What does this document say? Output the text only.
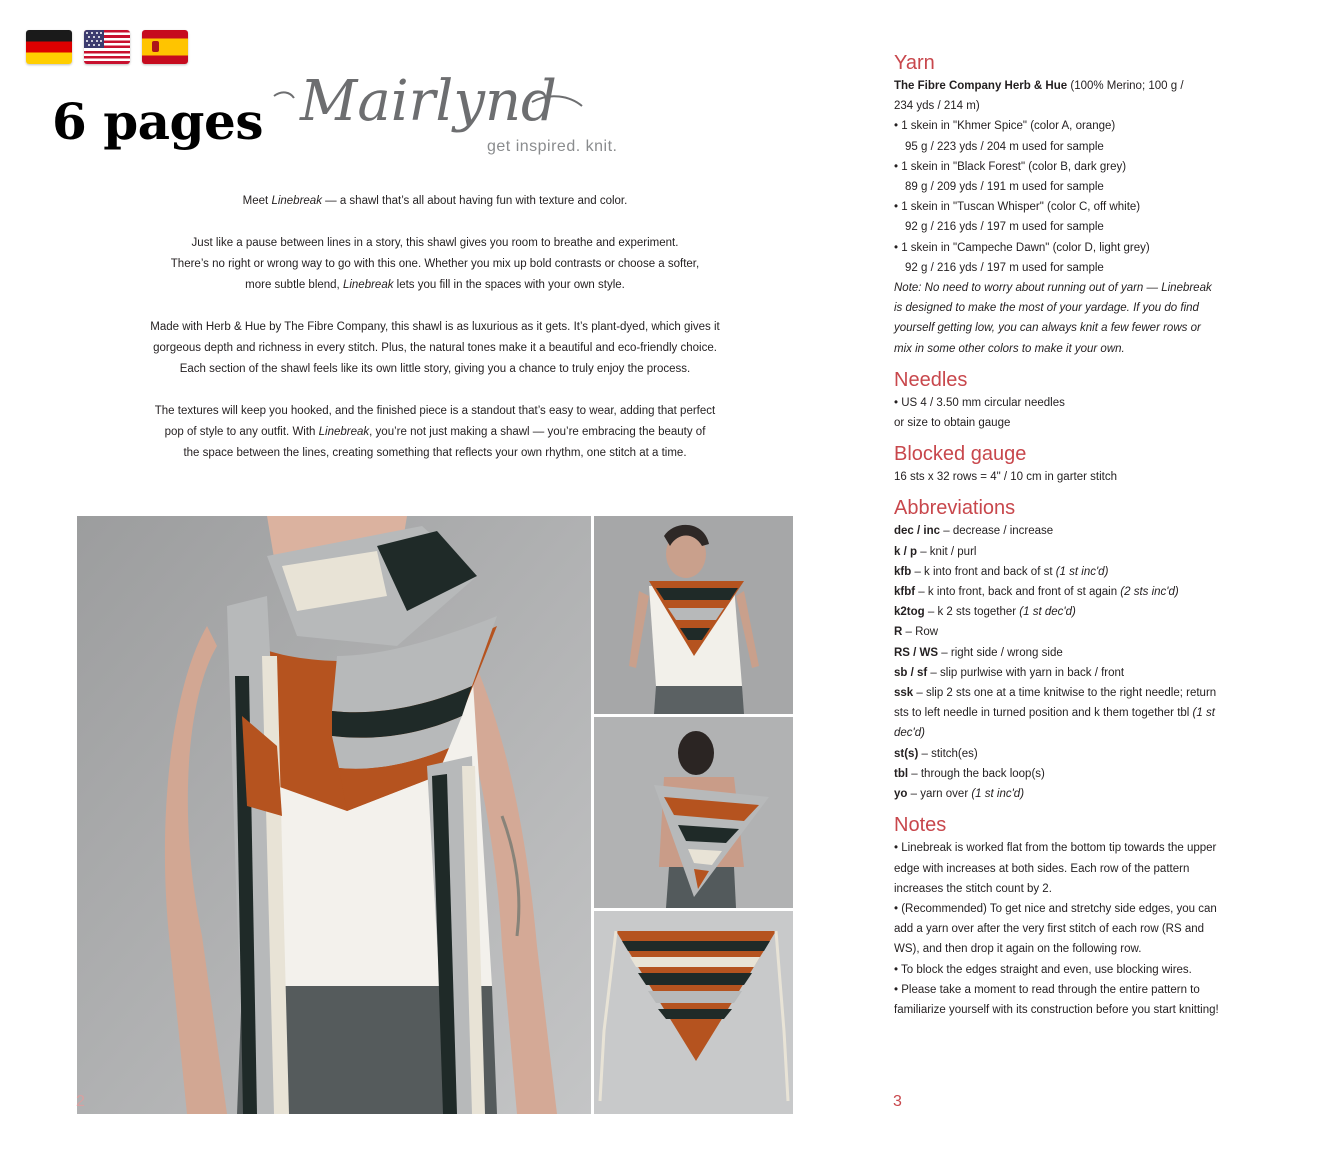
6 pages Mairlynd
get inspired. knit.

Meet Linebreak — a shawl that’s all about having fun with texture and color.

Just like a pause between lines in a story, this shawl gives you room to breathe and experiment.
There’s no right or wrong way to go with this one. Whether you mix up bold contrasts or choose a softer,
more subtle blend, Linebreak lets you fill in the spaces with your own style.

Made with Herb & Hue by The Fibre Company, this shawl is as luxurious as it gets. It’s plant-dyed, which gives it
gorgeous depth and richness in every stitch. Plus, the natural tones make it a beautiful and eco-friendly choice.
Each section of the shawl feels like its own little story, giving you a chance to truly enjoy the process.

The textures will keep you hooked, and the finished piece is a standout that’s easy to wear, adding that perfect
pop of style to any outfit. With Linebreak, you’re not just making a shawl — you’re embracing the beauty of
the space between the lines, creating something that reflects your own rhythm, one stitch at a time.

2	3
Yarn

The Fibre Company Herb & Hue (100% Merino; 100 g /

234 yds / 214 m)

• 1 skein in "Khmer Spice" (color A, orange)

95 g / 223 yds / 204 m used for sample

• 1 skein in "Black Forest" (color B, dark grey)

89 g / 209 yds / 191 m used for sample

• 1 skein in "Tuscan Whisper" (color C, off white)

92 g / 216 yds / 197 m used for sample

• 1 skein in "Campeche Dawn" (color D, light grey)

92 g / 216 yds / 197 m used for sample

Note: No need to worry about running out of yarn — Linebreak

is designed to make the most of your yardage. If you do find

yourself getting low, you can always knit a few fewer rows or

mix in some other colors to make it your own.

Needles

• US 4 / 3.50 mm circular needles

or size to obtain gauge

Blocked gauge

16 sts x 32 rows = 4" / 10 cm in garter stitch

Abbreviations

dec / inc – decrease / increase

k / p – knit / purl

kfb – k into front and back of st (1 st inc'd)

kfbf – k into front, back and front of st again (2 sts inc'd)

k2tog – k 2 sts together (1 st dec'd)

R – Row

RS / WS – right side / wrong side

sb / sf – slip purlwise with yarn in back / front

ssk – slip 2 sts one at a time knitwise to the right needle; return

sts to left needle in turned position and k them together tbl (1 st

dec'd)

st(s) – stitch(es)

tbl – through the back loop(s)

yo – yarn over (1 st inc'd)

Notes

• Linebreak is worked flat from the bottom tip towards the upper

edge with increases at both sides. Each row of the pattern

increases the stitch count by 2.

• (Recommended) To get nice and stretchy side edges, you can

add a yarn over after the very first stitch of each row (RS and

WS), and then drop it again on the following row.

• To block the edges straight and even, use blocking wires.

• Please take a moment to read through the entire pattern to

familiarize yourself with its construction before you start knitting!
